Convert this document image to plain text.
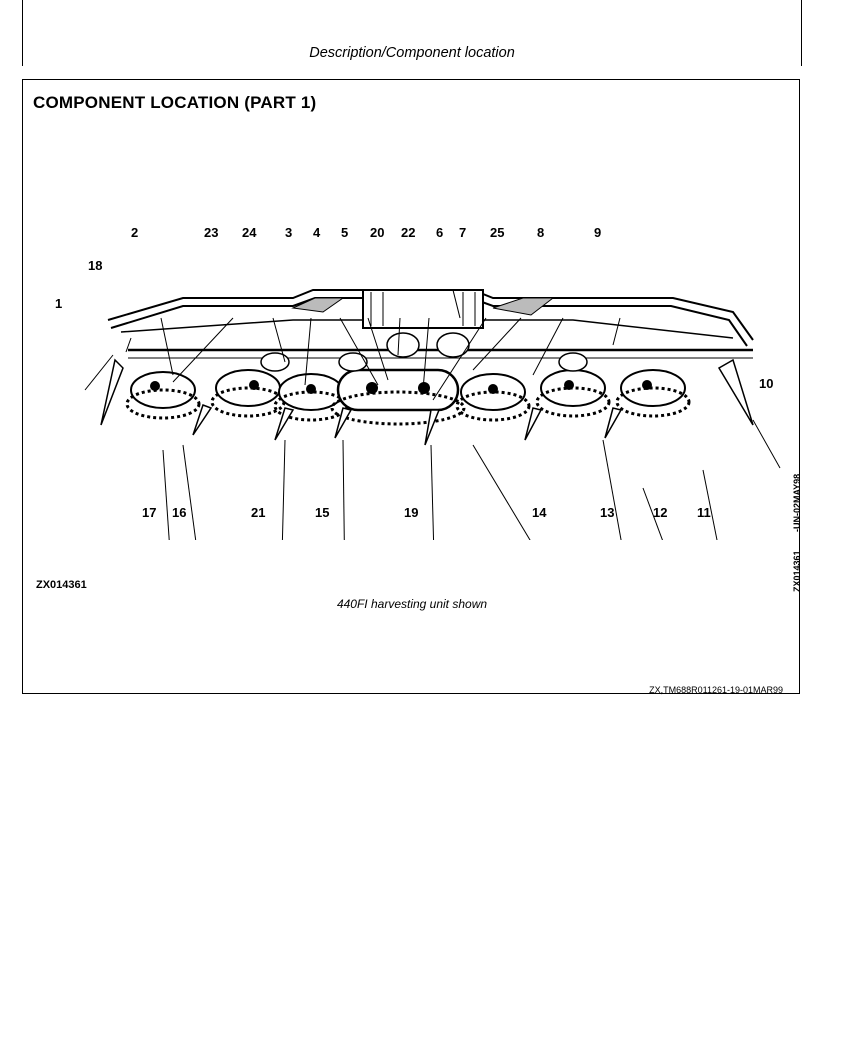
Description/Component location
COMPONENT LOCATION (PART 1)
1
2	3 4 5	6 7	8	9
10
11
12
13
14
15
16
17
18
19
20
21
22
23 24	25
ZX014361
-UN-02MAY98
ZX014361
440FI harvesting unit shown
ZX,TM688R011261-19-01MAR99
